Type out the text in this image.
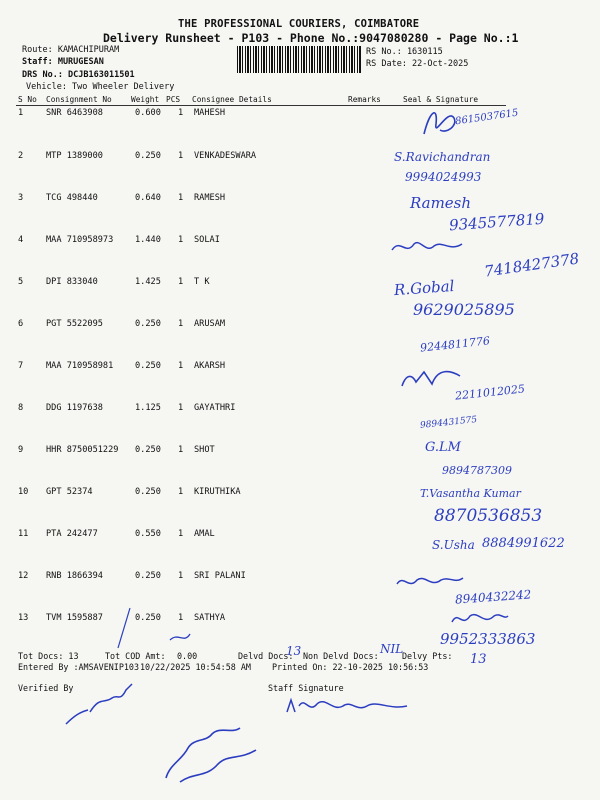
THE PROFESSIONAL COURIERS, COIMBATORE
Delivery Runsheet - P103 - Phone No.:9047080280 - Page No.:1
Route: KAMACHIPURAM
Staff: MURUGESAN
DRS No.: DCJB163011501
Vehicle: Two Wheeler Delivery
RS No.: 1630115
RS Date: 22-Oct-2025
S No Consignment No Weight PCS Consignee Details	Remarks	Seal & Signature
1	SNR 6463908	0.600 1 MAHESH
2	MTP 1389000	0.250 1 VENKADESWARA
3	TCG 498440	0.640 1 RAMESH
4	MAA 710958973	1.440 1 SOLAI
5	DPI 833040	1.425 1 T K
6	PGT 5522095	0.250 1 ARUSAM
7	MAA 710958981	0.250 1 AKARSH
8	DDG 1197638	1.125 1 GAYATHRI
9	HHR 8750051229 0.250 1 SHOT
10 GPT 52374	0.250 1 KIRUTHIKA
11 PTA 242477	0.550 1 AMAL
12 RNB 1866394	0.250 1 SRI PALANI
13 TVM 1595887	0.250 1 SATHYA
8615037615
S.Ravichandran
9994024993
Ramesh
9345577819
7418427378
R.Gobal
9629025895
9244811776
2211012025
9894431575
G.LM
9894787309
T.Vasantha Kumar
8870536853
S.Usha 8884991622
8940432242
9952333863
Tot Docs: 13	Tot COD Amt: 0.00	Delvd Docs:
13 Non Delvd Docs: NIL
Delvy Pts: 13
Entered By :AMSAVENIP103 10/22/2025 10:54:58 AM	Printed On: 22-10-2025 10:56:53
Verified By	Staff Signature
